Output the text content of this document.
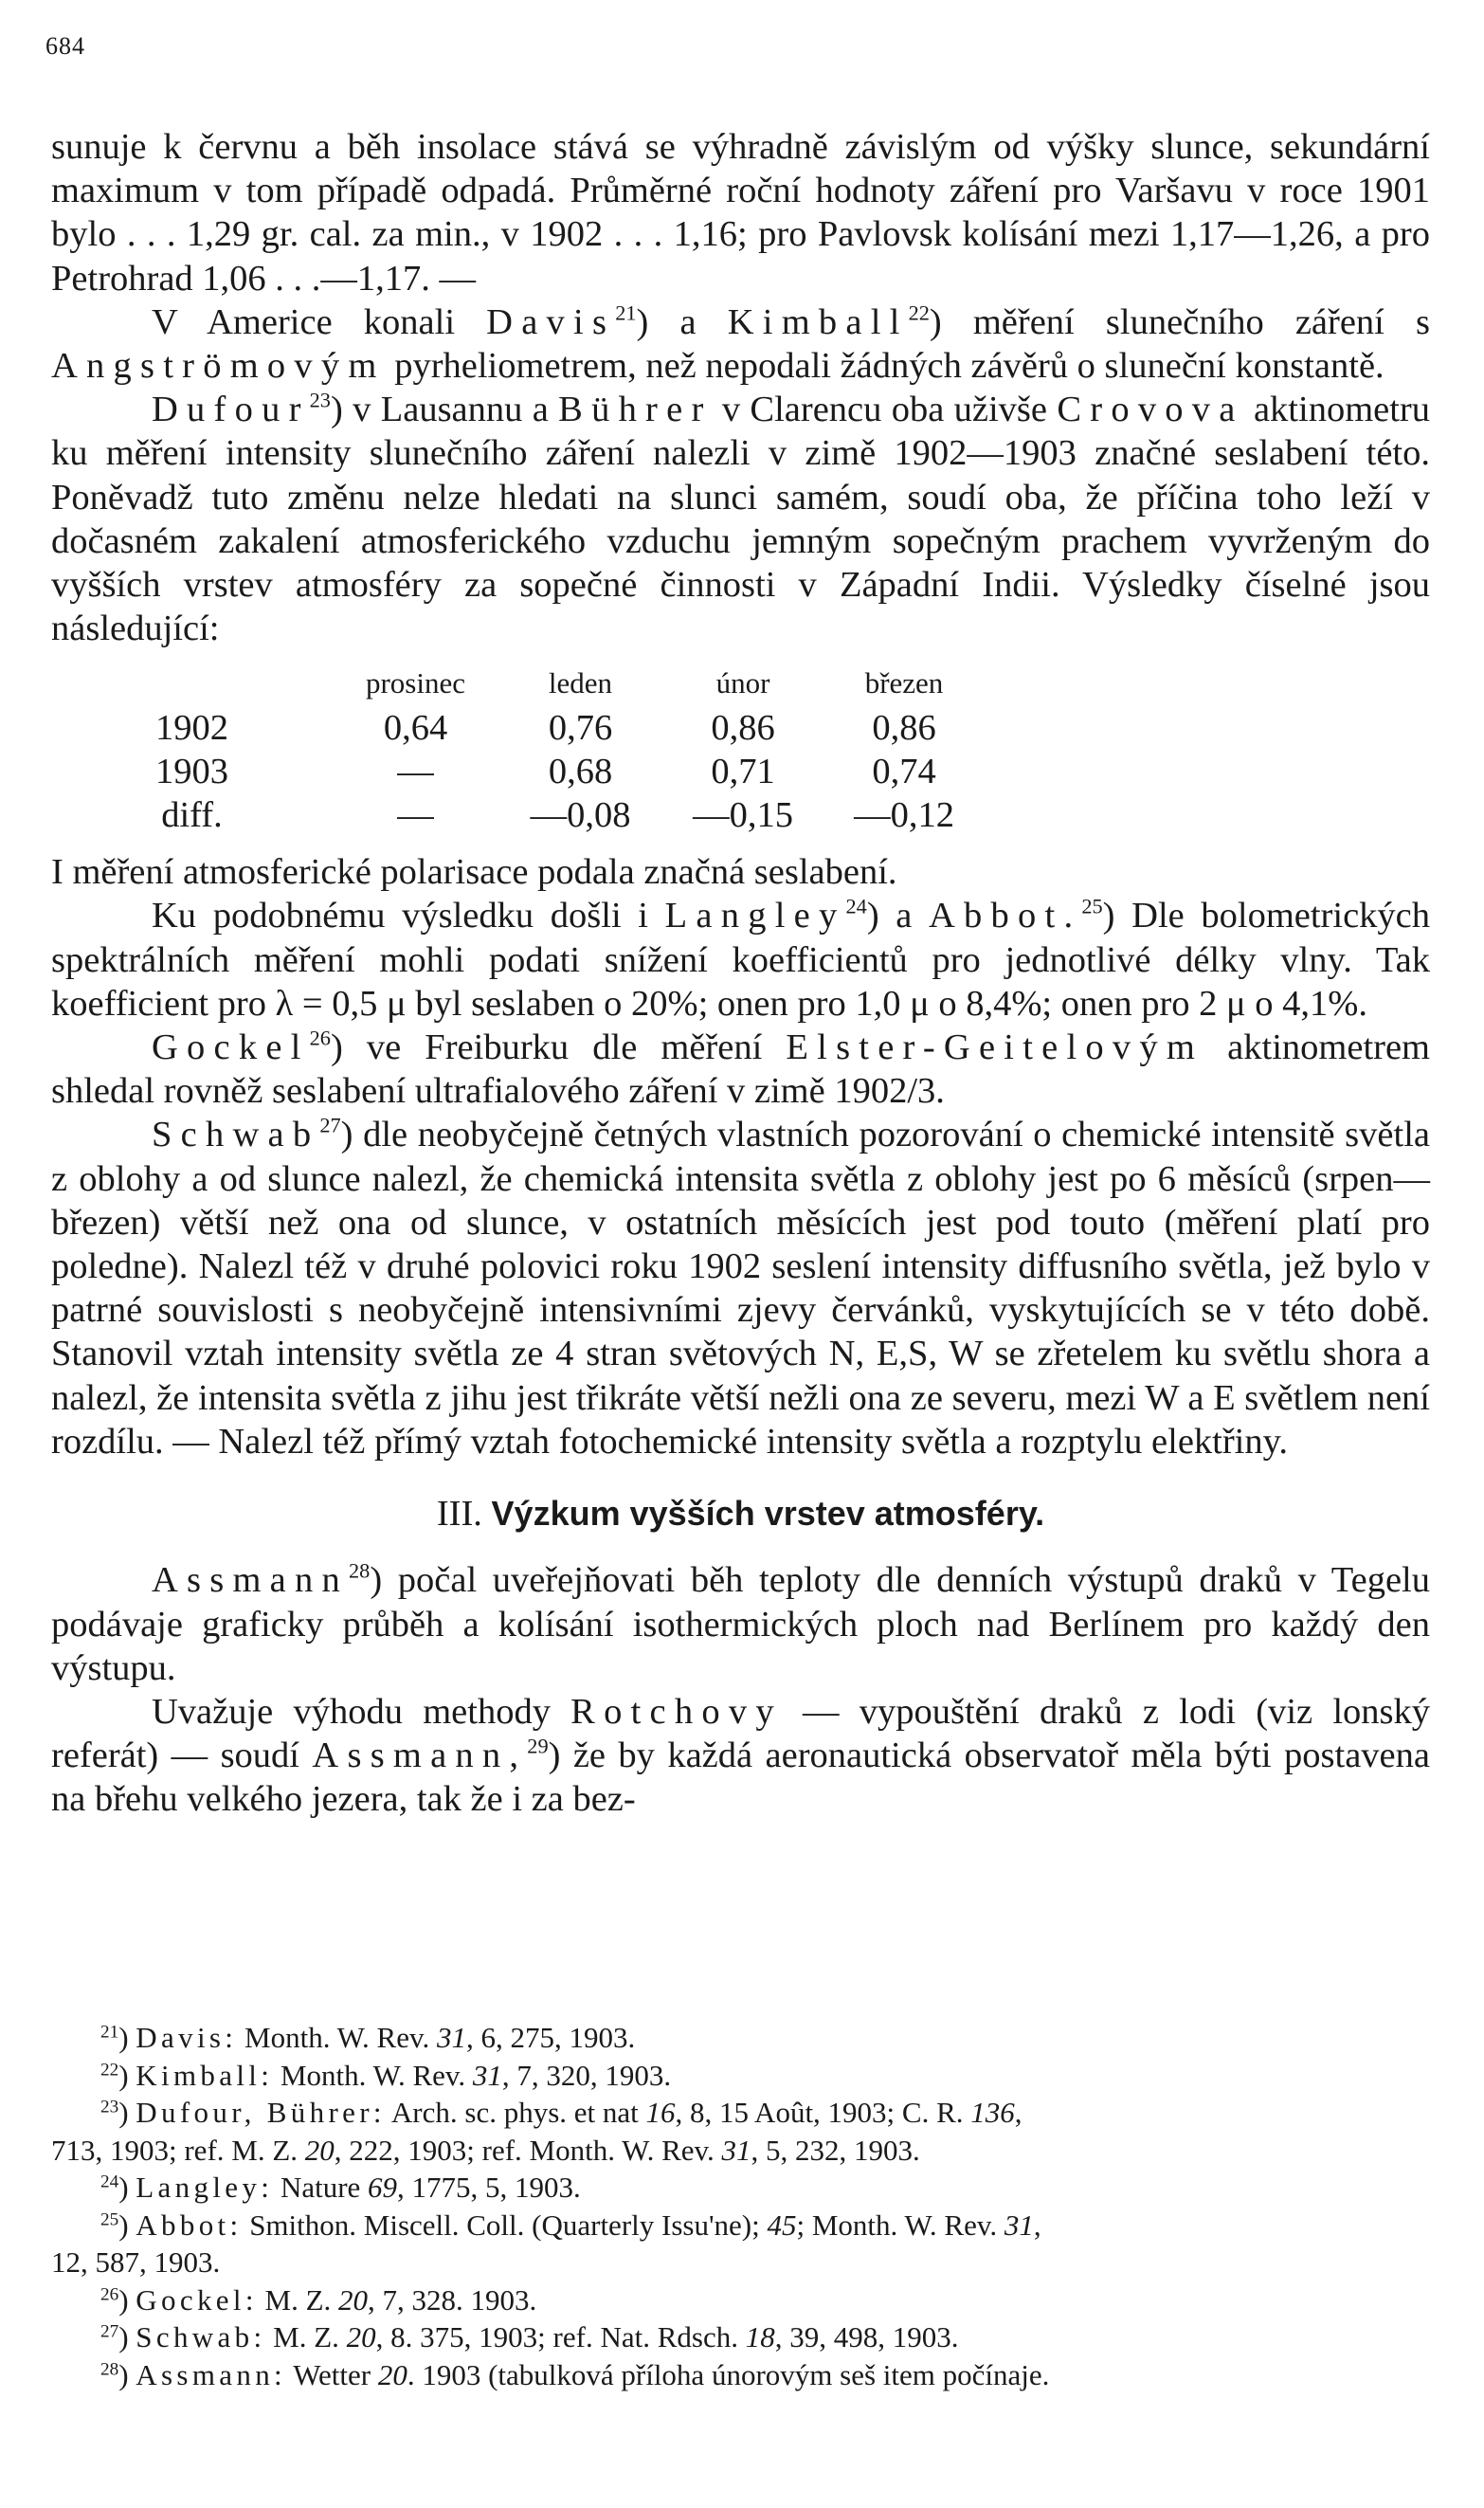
684

sunuje k červnu a běh insolace stává se výhradně závislým od výšky slunce, sekundární maximum v tom případě odpadá. Průměrné roční hodnoty záření pro Varšavu v roce 1901 bylo . . . 1,29 gr. cal. za min., v 1902 . . . 1,16; pro Pavlovsk kolísání mezi 1,17—1,26, a pro Petrohrad 1,06 . . .—1,17. —

V Americe konali Davis$^{21}$) a Kimball$^{22}$) měření slunečního záření s Angströmovým pyrheliometrem, než nepodali žádných závěrů o sluneční konstantě.

Dufour$^{23}$) v Lausannu a Bührer v Clarencu oba uživše Crovova aktinometru ku měření intensity slunečního záření nalezli v zimě 1902—1903 značné seslabení této. Poněvadž tuto změnu nelze hledati na slunci samém, soudí oba, že příčina toho leží v dočasném zakalení atmosferického vzduchu jemným sopečným prachem vyvrženým do vyšších vrstev atmosféry za sopečné činnosti v Západní Indii. Výsledky číselné jsou následující:

	prosinec	leden	únor	březen
1902	0,64	0,76	0,86	0,86
1903	—	0,68	0,71	0,74
diff.	—	—0,08	—0,15	—0,12

I měření atmosferické polarisace podala značná seslabení.

Ku podobnému výsledku došli i Langley$^{24}$) a Abbot.$^{25}$) Dle bolometrických spektrálních měření mohli podati snížení koefficientů pro jednotlivé délky vlny. Tak koefficient pro λ = 0,5 μ byl seslaben o 20%; onen pro 1,0 μ o 8,4%; onen pro 2 μ o 4,1%.

Gockel$^{26}$) ve Freiburku dle měření Elster-Geitelovým aktinometrem shledal rovněž seslabení ultrafialového záření v zimě 1902/3.

Schwab$^{27}$) dle neobyčejně četných vlastních pozorování o chemické intensitě světla z oblohy a od slunce nalezl, že chemická intensita světla z oblohy jest po 6 měsíců (srpen—březen) větší než ona od slunce, v ostatních měsících jest pod touto (měření platí pro poledne). Nalezl též v druhé polovici roku 1902 seslení intensity diffusního světla, jež bylo v patrné souvislosti s neobyčejně intensivními zjevy červánků, vyskytujících se v této době. Stanovil vztah intensity světla ze 4 stran světových N, E,S, W se zřetelem ku světlu shora a nalezl, že intensita světla z jihu jest třikráte větší nežli ona ze severu, mezi W a E světlem není rozdílu. — Nalezl též přímý vztah fotochemické intensity světla a rozptylu elektřiny.

III. Výzkum vyšších vrstev atmosféry.

Assmann$^{28}$) počal uveřejňovati běh teploty dle denních výstupů draků v Tegelu podávaje graficky průběh a kolísání isothermických ploch nad Berlínem pro každý den výstupu.

Uvažuje výhodu methody Rotchovy — vypouštění draků z lodi (viz lonský referát) — soudí Assmann,$^{29}$) že by každá aeronautická observatoř měla býti postavena na břehu velkého jezera, tak že i za bez-

$^{21}$) Davis: Month. W. Rev. 31, 6, 275, 1903.

$^{22}$) Kimball: Month. W. Rev. 31, 7, 320, 1903.

$^{23}$) Dufour, Bührer: Arch. sc. phys. et nat 16, 8, 15 Août, 1903; C. R. 136,

713, 1903; ref. M. Z. 20, 222, 1903; ref. Month. W. Rev. 31, 5, 232, 1903.

$^{24}$) Langley: Nature 69, 1775, 5, 1903.

$^{25}$) Abbot: Smithon. Miscell. Coll. (Quarterly Issu'ne); 45; Month. W. Rev. 31,

12, 587, 1903.

$^{26}$) Gockel: M. Z. 20, 7, 328. 1903.

$^{27}$) Schwab: M. Z. 20, 8. 375, 1903; ref. Nat. Rdsch. 18, 39, 498, 1903.

$^{28}$) Assmann: Wetter 20. 1903 (tabulková příloha únorovým seš item počínaje.
